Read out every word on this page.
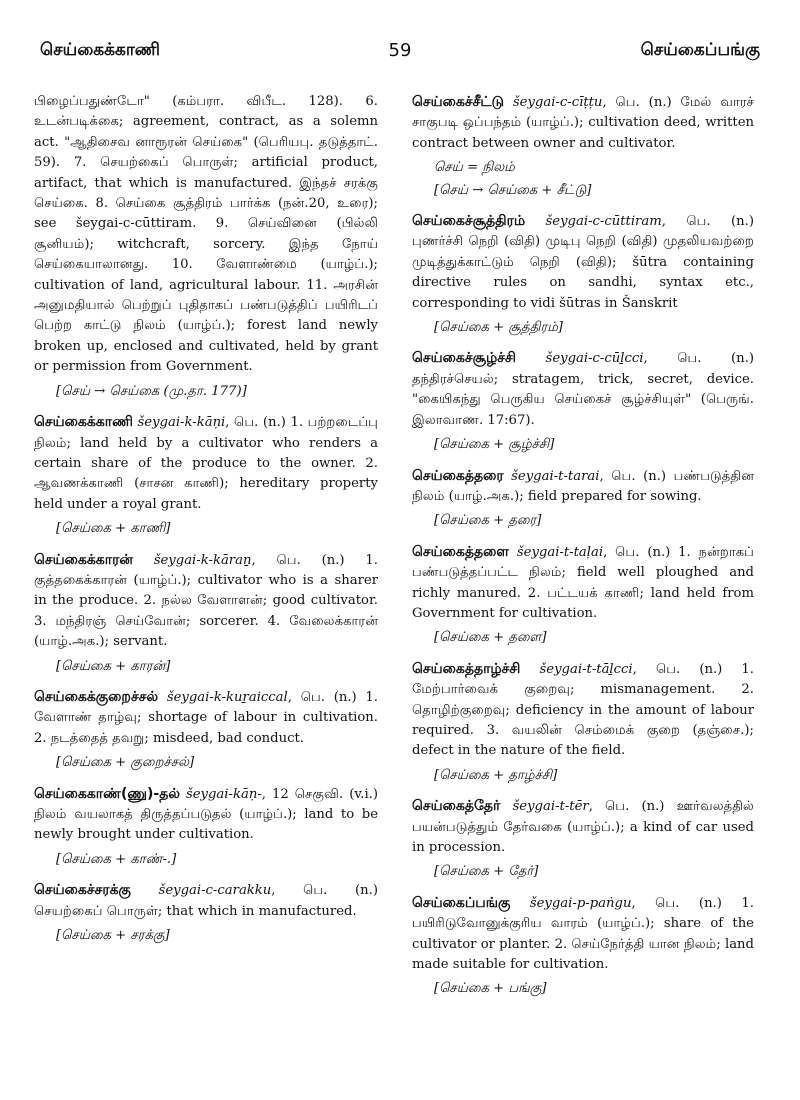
செய்கைக்காணி	59	செய்கைப்பங்கு

பிழைப்பதுண்டோ" (கம்பரா. விபீட. 128). 6. உடன்படிக்கை; agreement, contract, as a solemn act. "ஆதிசைவ னாரூரன் செய்கை" (பெரியபு. தடுத்தாட். 59). 7. செயற்கைப் பொருள்; artificial product, artifact, that which is manufactured. இந்தச் சரக்கு செய்கை. 8. செய்கை சூத்திரம் பார்க்க (நன்.20, உரை); see šeygai-c-cūttiram. 9. செய்வினை (பில்லி சூனியம்); witchcraft, sorcery. இந்த நோய் செய்கையாலானது. 10. வேளாண்மை (யாழ்ப்.); cultivation of land, agricultural labour. 11. அரசின் அனுமதியால் பெற்றுப் புதிதாகப் பண்படுத்திப் பயிரிடப் பெற்ற காட்டு நிலம் (யாழ்ப்.); forest land newly broken up, enclosed and cultivated, held by grant or permission from Government.

[செய் → செய்கை (மு.தா. 177)]

செய்கைக்காணி šeygai-k-kāṇi, பெ. (n.) 1. பற்றடைப்பு நிலம்; land held by a cultivator who renders a certain share of the produce to the owner. 2. ஆவணக்காணி (சாசன காணி); hereditary property held under a royal grant.

[செய்கை + காணி]

செய்கைக்காரன் šeygai-k-kāraṉ, பெ. (n.) 1. குத்தகைக்காரன் (யாழ்ப்.); cultivator who is a sharer in the produce. 2. நல்ல வேளாளன்; good cultivator. 3. மந்திரஞ் செய்வோன்; sorcerer. 4. வேலைக்காரன் (யாழ்.அக.); servant.

[செய்கை + காரன்]

செய்கைக்குறைச்சல் šeygai-k-kuṟaiccal, பெ. (n.) 1. வேளாண் தாழ்வு; shortage of labour in cultivation. 2. நடத்தைத் தவறு; misdeed, bad conduct.

[செய்கை + குறைச்சல்]

செய்கைகாண்(ணு)-தல் šeygai-kāṇ-, 12 செகுவி. (v.i.) நிலம் வயலாகத் திருத்தப்படுதல் (யாழ்ப்.); land to be newly brought under cultivation.

[செய்கை + காண்-.]

செய்கைச்சரக்கு šeygai-c-carakku, பெ. (n.) செயற்கைப் பொருள்; that which in manufactured.

[செய்கை + சரக்கு]

செய்கைச்சீட்டு šeygai-c-cīṭṭu, பெ. (n.) மேல் வாரச் சாகுபடி ஒப்பந்தம் (யாழ்ப்.); cultivation deed, written contract between owner and cultivator.

செய் = நிலம்

[செய் → செய்கை + சீட்டு]

செய்கைச்சூத்திரம் šeygai-c-cūttiram, பெ. (n.) புணர்ச்சி நெறி (விதி) முடிபு நெறி (விதி) முதலியவற்றை முடித்துக்காட்டும் நெறி (விதி); šūtra containing directive rules on sandhi, syntax etc., corresponding to vidi šūtras in Šanskrit

[செய்கை + சூத்திரம்]

செய்கைச்சூழ்ச்சி šeygai-c-cūḻcci, பெ. (n.) தந்திரச்செயல்; stratagem, trick, secret, device. "கையிகந்து பெருகிய செய்கைச் சூழ்ச்சியுள்" (பெருங். இலாவாண. 17:67).

[செய்கை + சூழ்ச்சி]

செய்கைத்தரை šeygai-t-tarai, பெ. (n.) பண்படுத்தின நிலம் (யாழ்.அக.); field prepared for sowing.

[செய்கை + தரை]

செய்கைத்தளை šeygai-t-taḷai, பெ. (n.) 1. நன்றாகப் பண்படுத்தப்பட்ட நிலம்; field well ploughed and richly manured. 2. பட்டயக் காணி; land held from Government for cultivation.

[செய்கை + தளை]

செய்கைத்தாழ்ச்சி šeygai-t-tāḻcci, பெ. (n.) 1. மேற்பார்வைக் குறைவு; mismanagement. 2. தொழிற்குறைவு; deficiency in the amount of labour required. 3. வயலின் செம்மைக் குறை (தஞ்சை.); defect in the nature of the field.

[செய்கை + தாழ்ச்சி]

செய்கைத்தேர் šeygai-t-tēr, பெ. (n.) ஊர்வலத்தில் பயன்படுத்தும் தேர்வகை (யாழ்ப்.); a kind of car used in procession.

[செய்கை + தேர்]

செய்கைப்பங்கு šeygai-p-paṅgu, பெ. (n.) 1. பயிரிடுவோனுக்குரிய வாரம் (யாழ்ப்.); share of the cultivator or planter. 2. செய்நேர்த்தி யான நிலம்; land made suitable for cultivation.

[செய்கை + பங்கு]
